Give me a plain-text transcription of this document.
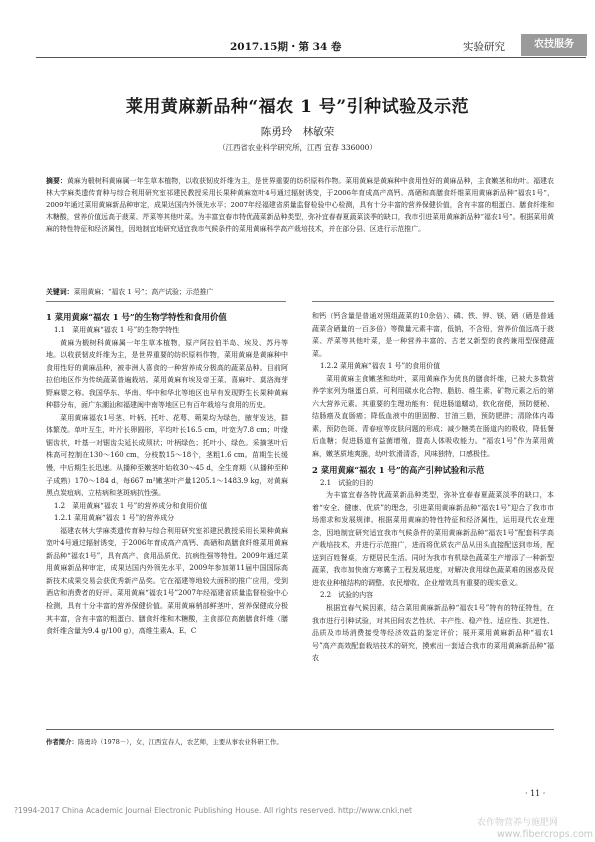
2017.15期・第 34 卷	实验研究	农技服务
莱用黄麻新品种“福农 1 号”引种试验及示范
陈勇玲　林敏荣
（江西省农业科学研究所，江西 宜春 336000）
摘要：黄麻为椴树科黄麻属一年生草本植物，以收获韧皮纤维为主，是世界重要的纺织原料作物。菜用黄麻是黄麻种中食用性好的黄麻品种，主食嫩茎和幼叶。福建农林大学麻类遗传育种与综合利用研究室祁建民教授采用长果种黄麻宽叶4号通过辐射诱变，于2006年育成高产高钙、高硒和高膳食纤维菜用黄麻新品种“福农1号”，2009年通过菜用黄麻新品种审定，成果达国内外领先水平；2007年经福建省质量监督检验中心检测，具有十分丰富的营养保健价值，含有丰富的粗蛋白、膳食纤维和木糖酸，营养价值远高于菠菜、芹菜等其他叶菜。为丰富宜春市特优蔬菜新品种类型，弥补宜春春夏蔬菜淡季的缺口，我市引进菜用黄麻新品种“福农1号”。根据菜用黄麻的特性特征和经济属性，因地制宜地研究适宜我市气候条件的菜用黄麻科学高产栽培技术，并在部分县、区进行示范推广。
关键词：菜用黄麻；“福农 1 号”；高产试验；示范推广

1 菜用黄麻“福农 1 号”的生物学特性和食用价值

1.1　菜用黄麻“福农 1 号”的生物学特性

黄麻为椴树科黄麻属一年生草本植物，原产阿拉伯半岛、埃及、苏丹等地。以收获韧皮纤维为主，是世界重要的纺织原料作物，菜用黄麻是黄麻种中食用性好的黄麻品种，被非洲人喜食的一种营养成分极高的蔬菜品种。目前阿拉伯地区作为传统蔬菜普遍栽培。菜用黄麻有埃及帝王菜、喜麻叶、莫洛海芽野麻婴之称。我国华东、华南、华中和华北等地区也早有发现野生长果种黄麻种群分布，面广东潮汕和福建闽中南等地区已有百年栽培与食用的历史。

菜用黄麻福农1号茎、叶柄、托叶、花萼、蒴果均为绿色，腋芽发达，群体繁茂。单叶互生，叶片长卵圆形，平均叶长16.5 cm，叶宽为7.8 cm；叶缘锯齿状，叶基一对锯齿尖延长成须状；叶柄绿色；托叶小、绿色。采摘茎叶后株高可控制在130～160 cm，分枝数15～18个，茎粗1.6 cm。苗期生长缓慢，中后期生长迅速。从播种至嫩茎叶始收30～45 d，全生育期（从播种至种子成熟）170～184 d，每667 m²嫩茎叶产量1205.1～1483.9 kg，对黄麻黑点炭疽病、立枯病和茎斑病抗性强。

1.2　菜用黄麻“福农 1 号”的营养成分和食用价值

1.2.1 菜用黄麻“福农 1 号”的营养成分

福建农林大学麻类遗传育种与综合利用研究室祁建民教授采用长果种黄麻宽叶4号通过辐射诱变，于2006年育成高产高钙、高硒和高膳食纤维菜用黄麻新品种“福农1号”，具有高产、食用品质优、抗病性强等特性。2009年通过菜用黄麻新品种审定，成果达国内外领先水平，2009年参加第11届中国国际高新技术成果交易会获优秀新产品奖。它在福建等地较大面积的推广应用，受到酒店和消费者的好评。菜用黄麻“福农1号”2007年经福建省质量监督检验中心检测，具有十分丰富的营养保健价值。菜用黄麻梢部鲜茎叶，营养保健成分极其丰富，含有丰富的粗蛋白、膳食纤维和木糖酸，主食部位高菌膳食纤维（膳食纤维含量为9.4 g/100 g），高维生素A、E、C

和钙（钙含量是普通对照组蔬菜的10余倍）、磷、铁、钾、镁、硒（硒是普通蔬菜含硒量的一百多倍）等微量元素丰富，低钠，不含铅，营养价值远高于菠菜、芹菜等其他叶菜，是一种营养丰富的、古老又新型的食药兼用型保健蔬菜。

1.2.2 菜用黄麻“福农 1 号”的食用价值

菜用黄麻主食嫩茎和幼叶，菜用黄麻作为优良的膳食纤维，已被大多数营养学家列为继蛋白质、可利用碳水化合物、脂肪、维生素、矿物元素之后的第六大营养元素。其重要的生理功能有：促进肠道蠕动，软化宿便，预防便秘、结肠癌及直肠癌；降低血液中的胆固醇、甘油三脂，预防肥胖；清除体内毒素，预防色斑、青春痘等皮肤问题的形成；减少糖类在肠道内的吸收，降低餐后血糖；促进肠道有益菌增殖，提高人体吸收能力。“福农1号”作为菜用黄麻，嫩茎质地爽脆，幼叶软滑清香，风味独特，口感极佳。

2 菜用黄麻“福农 1 号”的高产引种试验和示范

2.1　试验的目的

为丰富宜春各特优蔬菜新品种类型，弥补宜春春夏蔬菜淡季的缺口，本着“安全、健康、优质”的理念，引进菜用黄麻新品种“福农1号”迎合了我市市场需求和发展规律。根据菜用黄麻的特性特征和经济属性，运用现代农业理念，因地制宜研究适宜我市气候条件的菜用黄麻新品种“福农1号”配套科学高产栽培技术，并进行示范推广，进而将优质农产品从田头直接配送到市场，配送到百姓餐桌，方便居民生活。同时为我市有机绿色蔬菜生产增添了一种新型蔬菜，我市加快南方寒冀子工程发展进度，对解决食用绿色蔬菜难的困惑及促进农业种植结构的调整、农民增收、企业增效具有重要的现实意义。

2.2　试验的内容

根据宜春气候因素，结合菜用黄麻新品种“福农1号”特有的特征特性，在我市进行引种试验，对其田间农艺性状、丰产性、稳产性、适应性、抗逆性、品质及市场消费接受等经济效益的鉴定评价；展开菜用黄麻新品种“福农1号”高产高效配套栽培技术的研究，摸索出一套适合我市的菜用黄麻新品种“福农

作者简介：陈勇玲（1978－），女，江西宜春人，农艺师，主要从事农业科研工作。
· 11 ·
?1994-2017 China Academic Journal Electronic Publishing House. All rights reserved. http://www.cnki.net
农作物营养与施肥网
www.fibercrops.com
